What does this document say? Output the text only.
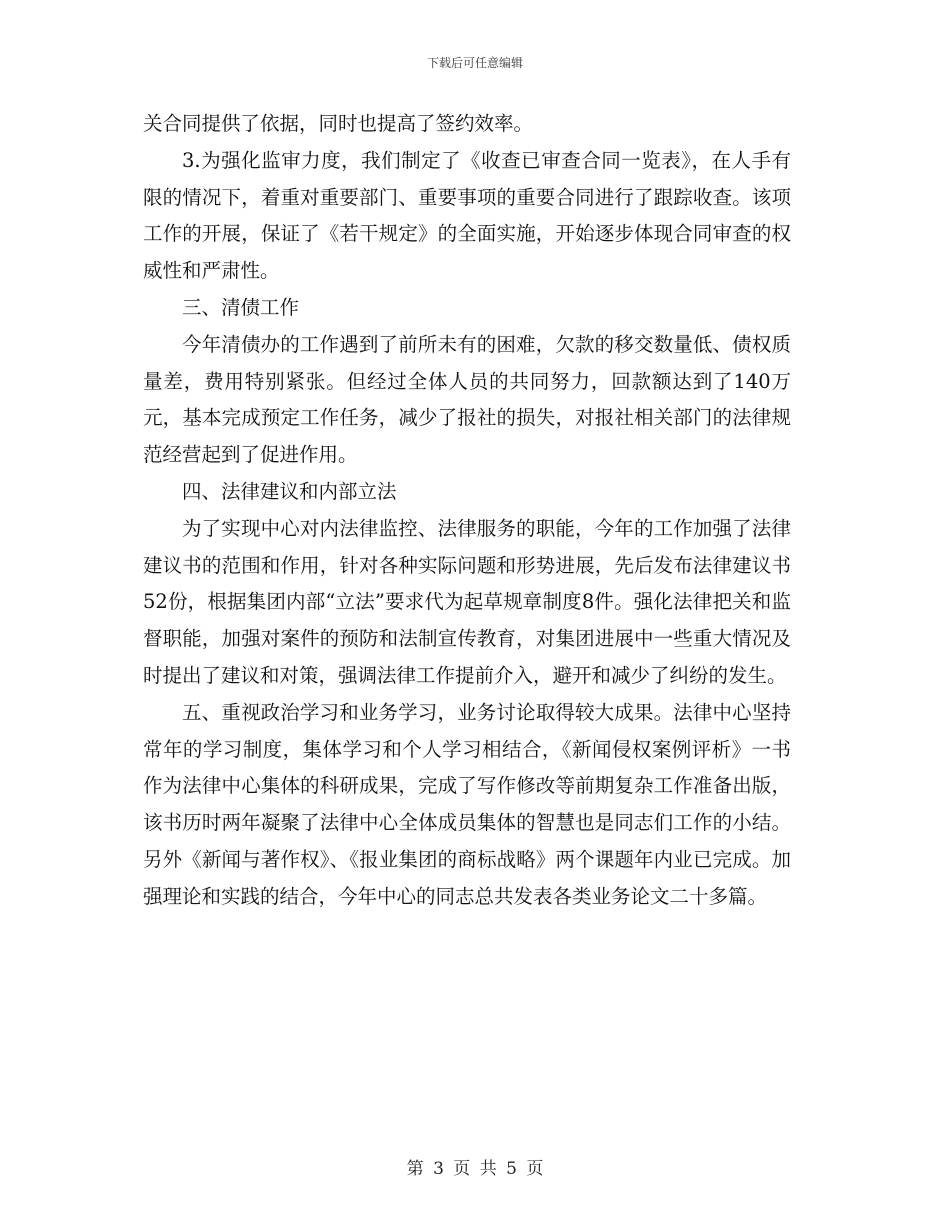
下载后可任意编辑

关合同提供了依据，同时也提高了签约效率。

3.为强化监审力度，我们制定了《收查已审查合同一览表》，在人手有限的情况下，着重对重要部门、重要事项的重要合同进行了跟踪收查。该项工作的开展，保证了《若干规定》的全面实施，开始逐步体现合同审查的权威性和严肃性。

三、清债工作

今年清债办的工作遇到了前所未有的困难，欠款的移交数量低、债权质量差，费用特别紧张。但经过全体人员的共同努力，回款额达到了140万元，基本完成预定工作任务，减少了报社的损失，对报社相关部门的法律规范经营起到了促进作用。

四、法律建议和内部立法

为了实现中心对内法律监控、法律服务的职能，今年的工作加强了法律建议书的范围和作用，针对各种实际问题和形势进展，先后发布法律建议书52份，根据集团内部“立法”要求代为起草规章制度8件。强化法律把关和监督职能，加强对案件的预防和法制宣传教育，对集团进展中一些重大情况及时提出了建议和对策，强调法律工作提前介入，避开和减少了纠纷的发生。

五、重视政治学习和业务学习，业务讨论取得较大成果。法律中心坚持常年的学习制度，集体学习和个人学习相结合，《新闻侵权案例评析》一书作为法律中心集体的科研成果，完成了写作修改等前期复杂工作准备出版，该书历时两年凝聚了法律中心全体成员集体的智慧也是同志们工作的小结。另外《新闻与著作权》、《报业集团的商标战略》两个课题年内业已完成。加强理论和实践的结合，今年中心的同志总共发表各类业务论文二十多篇。

第 3 页 共 5 页
